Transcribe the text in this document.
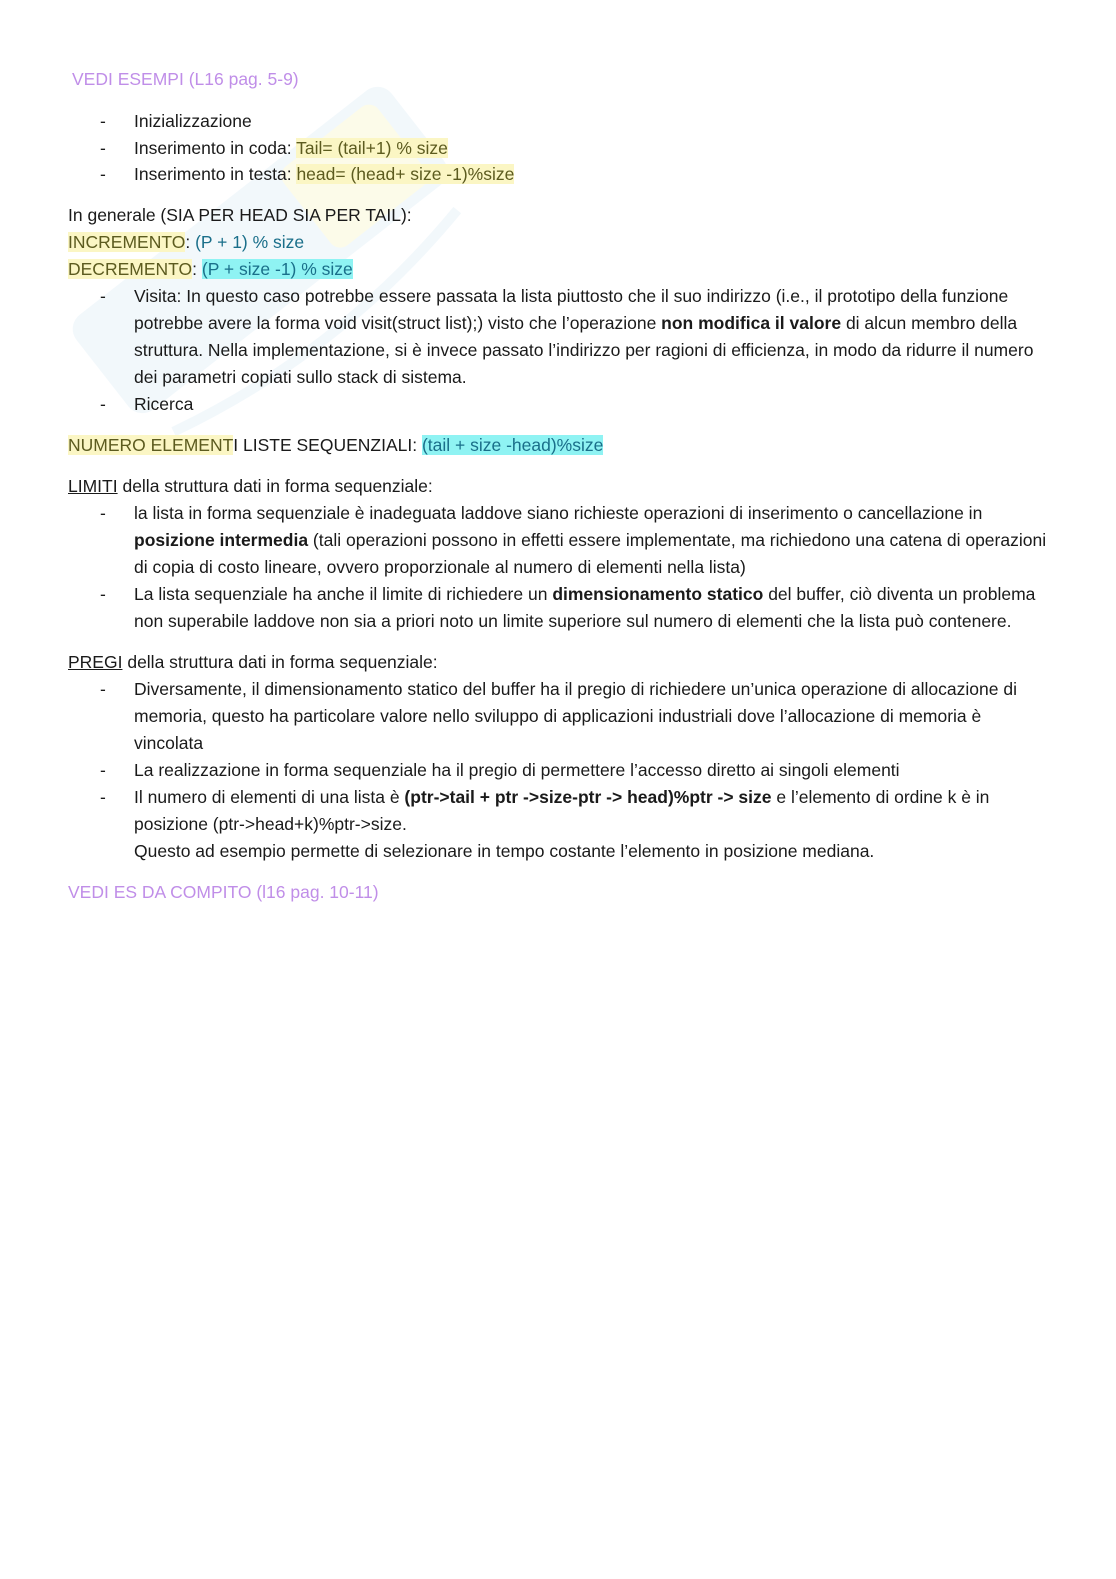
VEDI ESEMPI (L16 pag. 5-9)

- Inizializzazione
- Inserimento in coda: Tail= (tail+1) % size
- Inserimento in testa: head= (head+ size -1)%size
In generale (SIA PER HEAD SIA PER TAIL):
INCREMENTO: (P + 1) % size
DECREMENTO: (P + size -1) % size
- Visita: In questo caso potrebbe essere passata la lista piuttosto che il suo indirizzo (i.e., il prototipo della funzione potrebbe avere la forma void visit(struct list);) visto che l’operazione non modifica il valore di alcun membro della struttura. Nella implementazione, si è invece passato l’indirizzo per ragioni di efficienza, in modo da ridurre il numero dei parametri copiati sullo stack di sistema.
- Ricerca

NUMERO ELEMENTI LISTE SEQUENZIALI: (tail + size -head)%size

LIMITI della struttura dati in forma sequenziale:

- la lista in forma sequenziale è inadeguata laddove siano richieste operazioni di inserimento o cancellazione in posizione intermedia (tali operazioni possono in effetti essere implementate, ma richiedono una catena di operazioni di copia di costo lineare, ovvero proporzionale al numero di elementi nella lista)
- La lista sequenziale ha anche il limite di richiedere un dimensionamento statico del buffer, ciò diventa un problema non superabile laddove non sia a priori noto un limite superiore sul numero di elementi che la lista può contenere.

PREGI della struttura dati in forma sequenziale:

- Diversamente, il dimensionamento statico del buffer ha il pregio di richiedere un’unica operazione di allocazione di memoria, questo ha particolare valore nello sviluppo di applicazioni industriali dove l’allocazione di memoria è vincolata
- La realizzazione in forma sequenziale ha il pregio di permettere l’accesso diretto ai singoli elementi
- Il numero di elementi di una lista è (ptr->tail + ptr ->size-ptr -> head)%ptr -> size e l’elemento di ordine k è in posizione (ptr->head+k)%ptr->size.
Questo ad esempio permette di selezionare in tempo costante l’elemento in posizione mediana.

VEDI ES DA COMPITO (l16 pag. 10-11)
